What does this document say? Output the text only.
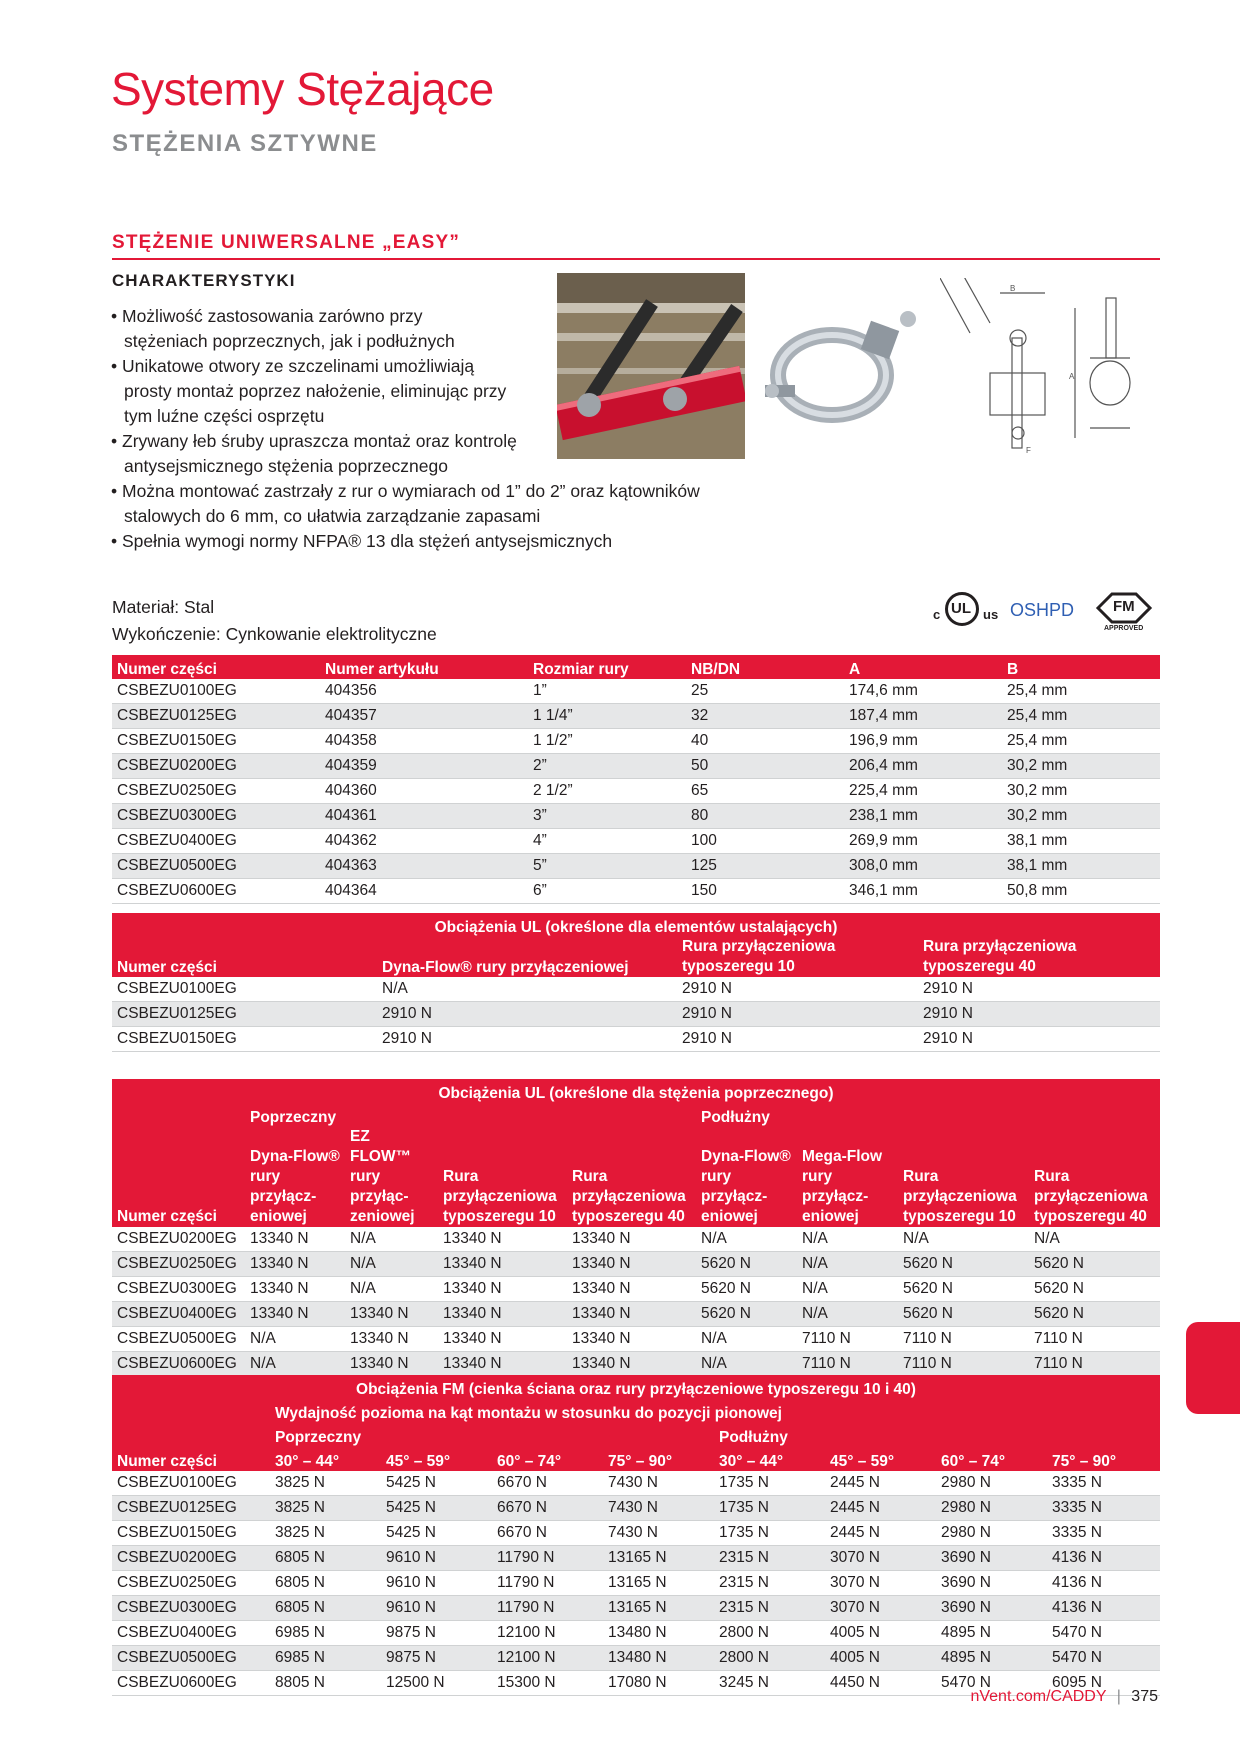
Systemy Stężające
STĘŻENIA SZTYWNE
STĘŻENIE UNIWERSALNE „EASY”
CHARAKTERYSTYKI
• Możliwość zastosowania zarówno przy stężeniach poprzecznych, jak i podłużnych
• Unikatowe otwory ze szczelinami umożliwiają prosty montaż poprzez nałożenie, eliminując przy tym luźne części osprzętu
• Zrywany łeb śruby upraszcza montaż oraz kontrolę antysejsmicznego stężenia poprzecznego
• Można montować zastrzały z rur o wymiarach od 1” do 2” oraz kątowników stalowych do 6 mm, co ułatwia zarządzanie zapasami
• Spełnia wymogi normy NFPA® 13 dla stężeń antysejsmicznych
B
A
F
Materiał: Stal
Wykończenie: Cynkowanie elektrolityczne
c UL us OSHPD	FM
APPROVED
Numer części	Numer artykułu	Rozmiar rury	NB/DN	A	B
CSBEZU0100EG	404356	1”	25	174,6 mm	25,4 mm
CSBEZU0125EG	404357	1 1/4”	32	187,4 mm	25,4 mm
CSBEZU0150EG	404358	1 1/2”	40	196,9 mm	25,4 mm
CSBEZU0200EG	404359	2”	50	206,4 mm	30,2 mm
CSBEZU0250EG	404360	2 1/2”	65	225,4 mm	30,2 mm
CSBEZU0300EG	404361	3”	80	238,1 mm	30,2 mm
CSBEZU0400EG	404362	4”	100	269,9 mm	38,1 mm
CSBEZU0500EG	404363	5”	125	308,0 mm	38,1 mm
CSBEZU0600EG	404364	6”	150	346,1 mm	50,8 mm
Obciążenia UL (określone dla elementów ustalających)			
Numer części	Dyna-Flow® rury przyłączeniowej	Rura przyłączeniowa typoszeregu 10	Rura przyłączeniowa typoszeregu 40
CSBEZU0100EG	N/A	2910 N	2910 N
CSBEZU0125EG	2910 N	2910 N	2910 N
CSBEZU0150EG	2910 N	2910 N	2910 N
Obciążenia UL (określone dla stężenia poprzecznego)								
	Poprzeczny				Podłużny			
Numer części	Dyna-Flow® rury przyłącz-eniowej	EZ FLOW™ rury przyłąc-zeniowej	Rura przyłączeniowa typoszeregu 10	Rura przyłączeniowa typoszeregu 40	Dyna-Flow® rury przyłącz-eniowej	Mega-Flow rury przyłącz-eniowej	Rura przyłączeniowa typoszeregu 10	Rura przyłączeniowa typoszeregu 40
CSBEZU0200EG	13340 N	N/A	13340 N	13340 N	N/A	N/A	N/A	N/A
CSBEZU0250EG	13340 N	N/A	13340 N	13340 N	5620 N	N/A	5620 N	5620 N
CSBEZU0300EG	13340 N	N/A	13340 N	13340 N	5620 N	N/A	5620 N	5620 N
CSBEZU0400EG	13340 N	13340 N	13340 N	13340 N	5620 N	N/A	5620 N	5620 N
CSBEZU0500EG	N/A	13340 N	13340 N	13340 N	N/A	7110 N	7110 N	7110 N
CSBEZU0600EG	N/A	13340 N	13340 N	13340 N	N/A	7110 N	7110 N	7110 N
Obciążenia FM (cienka ściana oraz rury przyłączeniowe typoszeregu 10 i 40)								
	Wydajność pozioma na kąt montażu w stosunku do pozycji pionowej							
	Poprzeczny				Podłużny			
Numer części	30° – 44°	45° – 59°	60° – 74°	75° – 90°	30° – 44°	45° – 59°	60° – 74°	75° – 90°
CSBEZU0100EG	3825 N	5425 N	6670 N	7430 N	1735 N	2445 N	2980 N	3335 N
CSBEZU0125EG	3825 N	5425 N	6670 N	7430 N	1735 N	2445 N	2980 N	3335 N
CSBEZU0150EG	3825 N	5425 N	6670 N	7430 N	1735 N	2445 N	2980 N	3335 N
CSBEZU0200EG	6805 N	9610 N	11790 N	13165 N	2315 N	3070 N	3690 N	4136 N
CSBEZU0250EG	6805 N	9610 N	11790 N	13165 N	2315 N	3070 N	3690 N	4136 N
CSBEZU0300EG	6805 N	9610 N	11790 N	13165 N	2315 N	3070 N	3690 N	4136 N
CSBEZU0400EG	6985 N	9875 N	12100 N	13480 N	2800 N	4005 N	4895 N	5470 N
CSBEZU0500EG	6985 N	9875 N	12100 N	13480 N	2800 N	4005 N	4895 N	5470 N
CSBEZU0600EG	8805 N	12500 N	15300 N	17080 N	3245 N	4450 N	5470 N	6095 N
nVent.com/CADDY | 375
